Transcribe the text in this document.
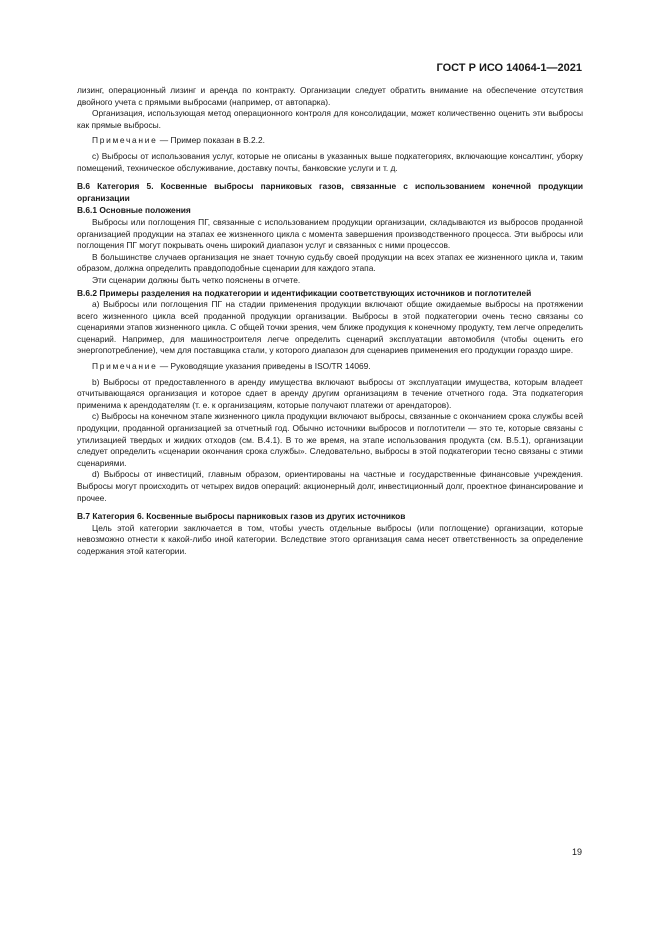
ГОСТ Р ИСО 14064-1—2021

лизинг, операционный лизинг и аренда по контракту. Организации следует обратить внимание на обеспечение отсутствия двойного учета с прямыми выбросами (например, от автопарка).

Организация, использующая метод операционного контроля для консолидации, может количественно оценить эти выбросы как прямые выбросы.

Примечание — Пример показан в В.2.2.

c) Выбросы от использования услуг, которые не описаны в указанных выше подкатегориях, включающие консалтинг, уборку помещений, техническое обслуживание, доставку почты, банковские услуги и т. д.

В.6 Категория 5. Косвенные выбросы парниковых газов, связанные с использованием конечной продукции организации
В.6.1 Основные положения

Выбросы или поглощения ПГ, связанные с использованием продукции организации, складываются из выбросов проданной организацией продукции на этапах ее жизненного цикла с момента завершения производственного процесса. Эти выбросы или поглощения ПГ могут покрывать очень широкий диапазон услуг и связанных с ними процессов.

В большинстве случаев организация не знает точную судьбу своей продукции на всех этапах ее жизненного цикла и, таким образом, должна определить правдоподобные сценарии для каждого этапа.

Эти сценарии должны быть четко пояснены в отчете.

В.6.2 Примеры разделения на подкатегории и идентификации соответствующих источников и поглотителей

a) Выбросы или поглощения ПГ на стадии применения продукции включают общие ожидаемые выбросы на протяжении всего жизненного цикла всей проданной продукции организации. Выбросы в этой подкатегории очень тесно связаны со сценариями этапов жизненного цикла. С общей точки зрения, чем ближе продукция к конечному продукту, тем легче определить сценарий. Например, для машиностроителя легче определить сценарий эксплуатации автомобиля (чтобы оценить его энергопотребление), чем для поставщика стали, у которого диапазон для сценариев применения его продукции гораздо шире.

Примечание — Руководящие указания приведены в ISO/TR 14069.

b) Выбросы от предоставленного в аренду имущества включают выбросы от эксплуатации имущества, которым владеет отчитывающаяся организация и которое сдает в аренду другим организациям в течение отчетного года. Эта подкатегория применима к арендодателям (т. е. к организациям, которые получают платежи от арендаторов).

c) Выбросы на конечном этапе жизненного цикла продукции включают выбросы, связанные с окончанием срока службы всей продукции, проданной организацией за отчетный год. Обычно источники выбросов и поглотители — это те, которые связаны с утилизацией твердых и жидких отходов (см. В.4.1). В то же время, на этапе использования продукта (см. В.5.1), организации следует определить «сценарии окончания срока службы». Следовательно, выбросы в этой подкатегории тесно связаны с этими сценариями.

d) Выбросы от инвестиций, главным образом, ориентированы на частные и государственные финансовые учреждения. Выбросы могут происходить от четырех видов операций: акционерный долг, инвестиционный долг, проектное финансирование и прочее.

В.7 Категория 6. Косвенные выбросы парниковых газов из других источников

Цель этой категории заключается в том, чтобы учесть отдельные выбросы (или поглощение) организации, которые невозможно отнести к какой-либо иной категории. Вследствие этого организация сама несет ответственность за определение содержания этой категории.

19
